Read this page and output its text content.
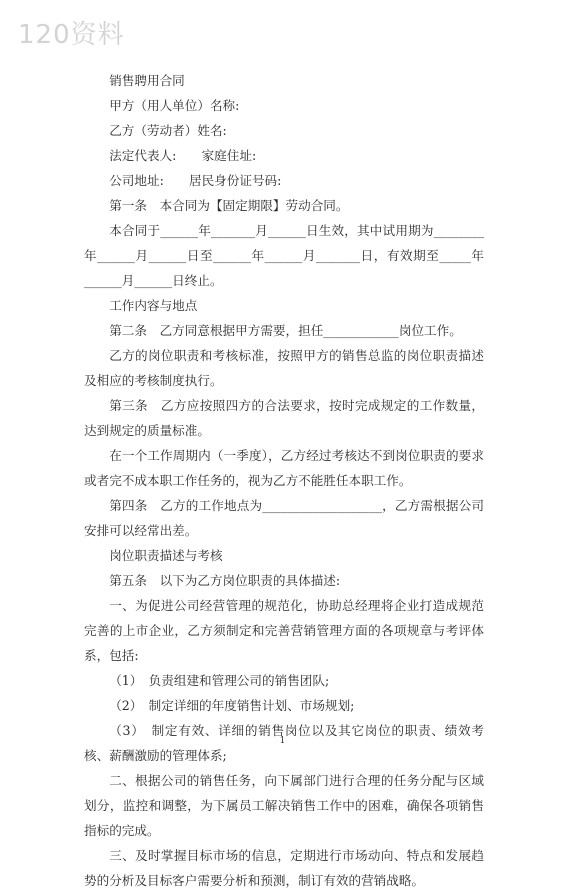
120资料

销售聘用合同

甲方（用人单位）名称:

乙方（劳动者）姓名:

法定代表人:　　家庭住址:

公司地址:　　居民身份证号码:

第一条　本合同为【固定期限】劳动合同。

本合同于______年_______月______日生效，其中试用期为________年______月______日至______年______月_______日，有效期至_____年______月______日终止。

工作内容与地点

第二条　乙方同意根据甲方需要，担任____________岗位工作。

乙方的岗位职责和考核标准，按照甲方的销售总监的岗位职责描述及相应的考核制度执行。

第三条　乙方应按照四方的合法要求，按时完成规定的工作数量，达到规定的质量标准。

在一个工作周期内（一季度），乙方经过考核达不到岗位职责的要求或者完不成本职工作任务的，视为乙方不能胜任本职工作。

第四条　乙方的工作地点为___________________，乙方需根据公司安排可以经常出差。

岗位职责描述与考核

第五条　以下为乙方岗位职责的具体描述:

一、为促进公司经营管理的规范化，协助总经理将企业打造成规范完善的上市企业，乙方须制定和完善营销管理方面的各项规章与考评体系，包括:

（1）　负责组建和管理公司的销售团队;

（2）　制定详细的年度销售计划、市场规划;

（3）　制定有效、详细的销售岗位以及其它岗位的职责、绩效考核、薪酬激励的管理体系;

二、根据公司的销售任务，向下属部门进行合理的任务分配与区域划分，监控和调整，为下属员工解决销售工作中的困难，确保各项销售指标的完成。

三、及时掌握目标市场的信息，定期进行市场动向、特点和发展趋势的分析及目标客户需要分析和预测，制订有效的营销战略。

1
